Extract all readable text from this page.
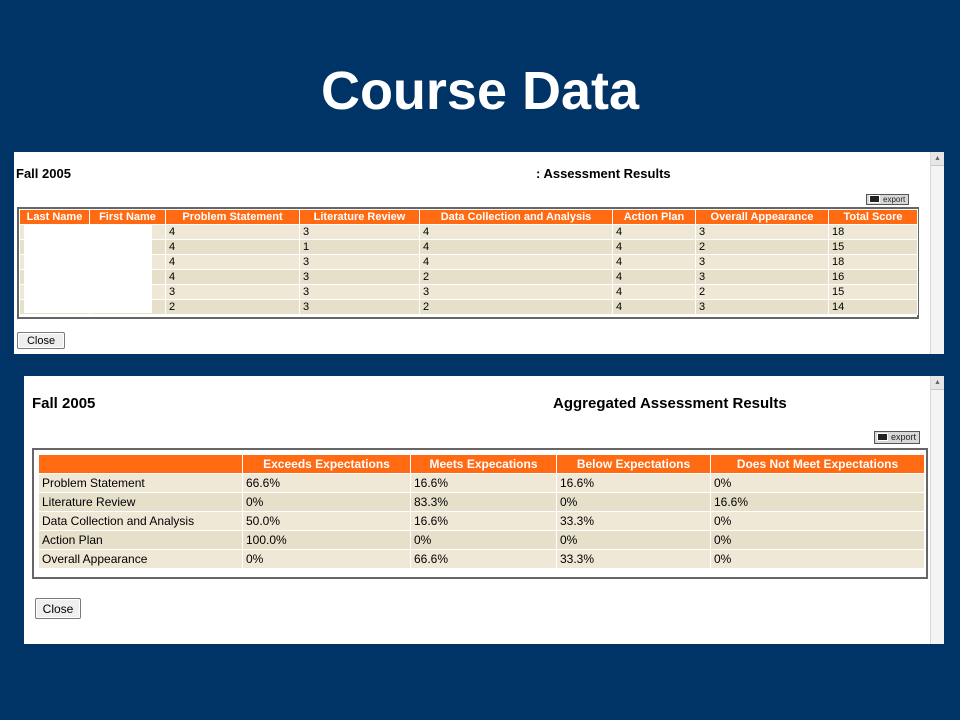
Course Data
▲
Fall 2005	: Assessment Results
export
Last Name	First Name	Problem Statement	Literature Review	Data Collection and Analysis	Action Plan	Overall Appearance	Total Score
		4	3	4	4	3	18
		4	1	4	4	2	15
		4	3	4	4	3	18
		4	3	2	4	3	16
		3	3	3	4	2	15
		2	3	2	4	3	14
Close
▲
Fall 2005	Aggregated Assessment Results
export
	Exceeds Expectations	Meets Expecations	Below Expectations	Does Not Meet Expectations
Problem Statement	66.6%	16.6%	16.6%	0%
Literature Review	0%	83.3%	0%	16.6%
Data Collection and Analysis	50.0%	16.6%	33.3%	0%
Action Plan	100.0%	0%	0%	0%
Overall Appearance	0%	66.6%	33.3%	0%
Close
